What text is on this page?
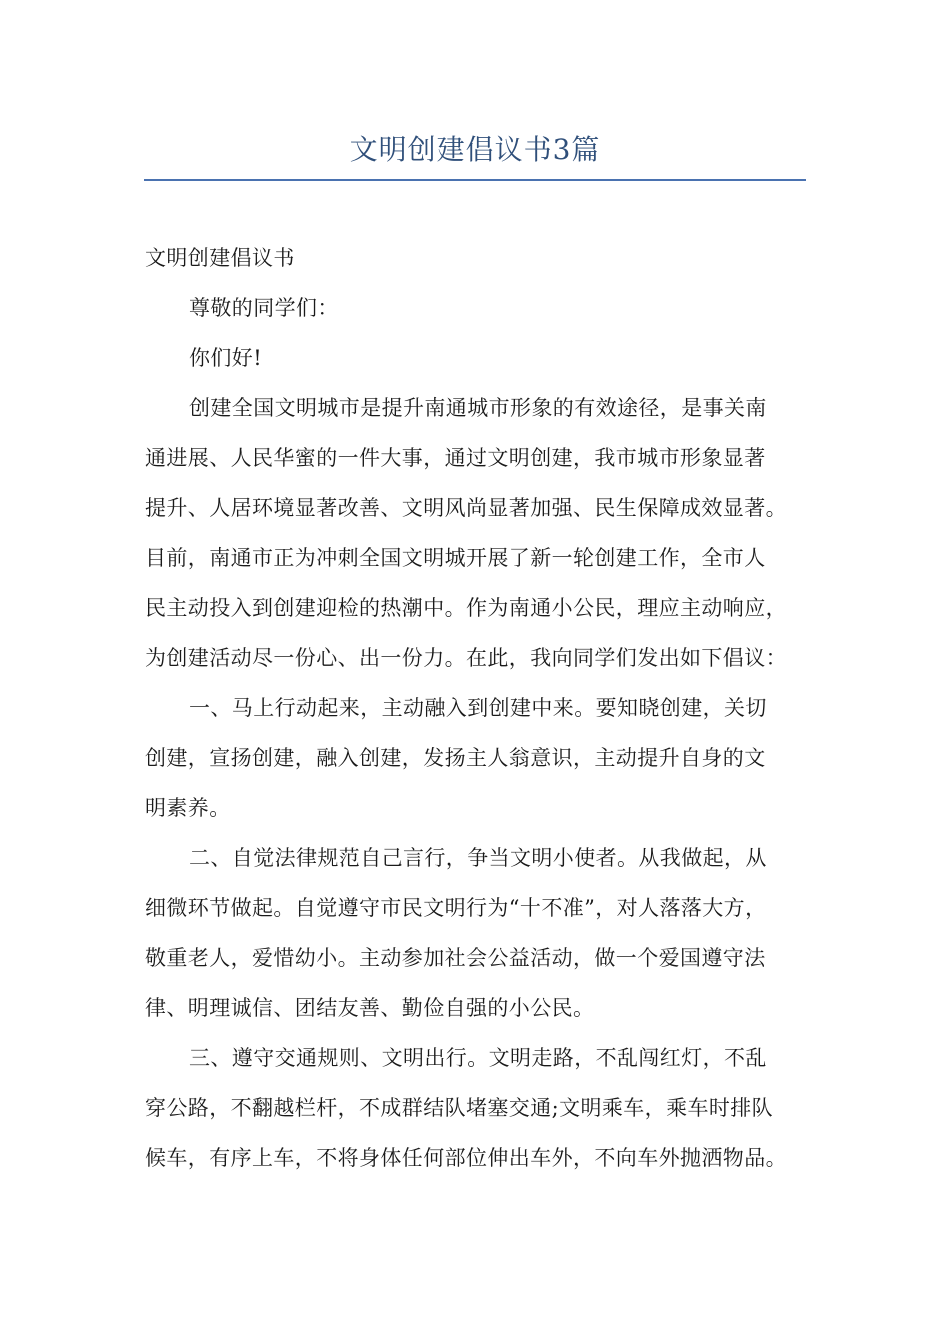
文明创建倡议书3篇
文明创建倡议书
尊敬的同学们：
你们好!
创建全国文明城市是提升南通城市形象的有效途径，是事关南
通进展、人民华蜜的一件大事，通过文明创建，我市城市形象显著
提升、人居环境显著改善、文明风尚显著加强、民生保障成效显著。
目前，南通市正为冲刺全国文明城开展了新一轮创建工作，全市人
民主动投入到创建迎检的热潮中。作为南通小公民，理应主动响应，
为创建活动尽一份心、出一份力。在此，我向同学们发出如下倡议：
一、马上行动起来，主动融入到创建中来。要知晓创建，关切
创建，宣扬创建，融入创建，发扬主人翁意识，主动提升自身的文
明素养。
二、自觉法律规范自己言行，争当文明小使者。从我做起，从
细微环节做起。自觉遵守市民文明行为“十不准”，对人落落大方，
敬重老人，爱惜幼小。主动参加社会公益活动，做一个爱国遵守法
律、明理诚信、团结友善、勤俭自强的小公民。
三、遵守交通规则、文明出行。文明走路，不乱闯红灯，不乱
穿公路，不翻越栏杆，不成群结队堵塞交通;文明乘车，乘车时排队
候车，有序上车，不将身体任何部位伸出车外，不向车外抛洒物品。
